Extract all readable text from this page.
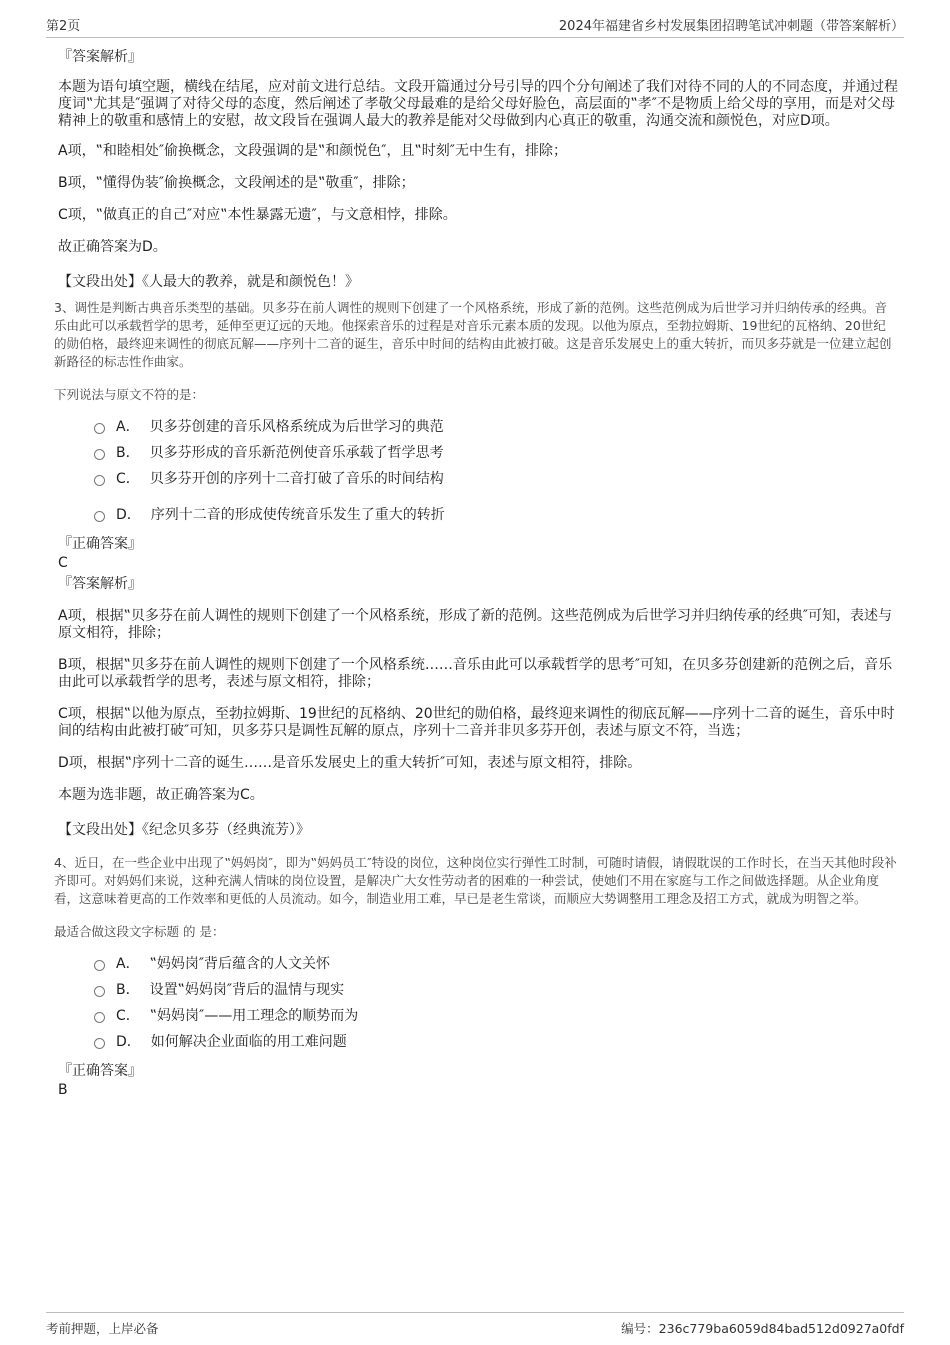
第2页	2024年福建省乡村发展集团招聘笔试冲刺题（带答案解析）
『答案解析』
本题为语句填空题，横线在结尾，应对前文进行总结。文段开篇通过分号引导的四个分句阐述了我们对待不同的人的不同态度，并通过程度词‟尤其是″强调了对待父母的态度，然后阐述了孝敬父母最难的是给父母好脸色，高层面的‟孝″不是物质上给父母的享用，而是对父母精神上的敬重和感情上的安慰，故文段旨在强调人最大的教养是能对父母做到内心真正的敬重，沟通交流和颜悦色，对应D项。
A项，‟和睦相处″偷换概念，文段强调的是‟和颜悦色″，且‟时刻″无中生有，排除；
B项，‟懂得伪装″偷换概念，文段阐述的是‟敬重″，排除；
C项，‟做真正的自己″对应‟本性暴露无遗″，与文意相悖，排除。
故正确答案为D。
【文段出处】《人最大的教养，就是和颜悦色！》
3、调性是判断古典音乐类型的基础。贝多芬在前人调性的规则下创建了一个风格系统，形成了新的范例。这些范例成为后世学习并归纳传承的经典。音乐由此可以承载哲学的思考，延伸至更辽远的天地。他探索音乐的过程是对音乐元素本质的发现。以他为原点，至勃拉姆斯、19世纪的瓦格纳、20世纪的勋伯格，最终迎来调性的彻底瓦解——序列十二音的诞生，音乐中时间的结构由此被打破。这是音乐发展史上的重大转折，而贝多芬就是一位建立起创新路径的标志性作曲家。
下列说法与原文不符的是：
A． 贝多芬创建的音乐风格系统成为后世学习的典范
B． 贝多芬形成的音乐新范例使音乐承载了哲学思考
C． 贝多芬开创的序列十二音打破了音乐的时间结构
D． 序列十二音的形成使传统音乐发生了重大的转折
『正确答案』
C
『答案解析』
A项，根据‟贝多芬在前人调性的规则下创建了一个风格系统，形成了新的范例。这些范例成为后世学习并归纳传承的经典″可知，表述与原文相符，排除；
B项，根据‟贝多芬在前人调性的规则下创建了一个风格系统……音乐由此可以承载哲学的思考″可知，在贝多芬创建新的范例之后，音乐由此可以承载哲学的思考，表述与原文相符，排除；
C项，根据‟以他为原点，至勃拉姆斯、19世纪的瓦格纳、20世纪的勋伯格，最终迎来调性的彻底瓦解——序列十二音的诞生，音乐中时间的结构由此被打破″可知，贝多芬只是调性瓦解的原点，序列十二音并非贝多芬开创，表述与原文不符，当选；
D项，根据‟序列十二音的诞生……是音乐发展史上的重大转折″可知，表述与原文相符，排除。
本题为选非题，故正确答案为C。
【文段出处】《纪念贝多芬（经典流芳）》
4、近日，在一些企业中出现了‟妈妈岗″，即为‟妈妈员工″特设的岗位，这种岗位实行弹性工时制，可随时请假，请假耽误的工作时长，在当天其他时段补齐即可。对妈妈们来说，这种充满人情味的岗位设置，是解决广大女性劳动者的困难的一种尝试，使她们不用在家庭与工作之间做选择题。从企业角度看，这意味着更高的工作效率和更低的人员流动。如今，制造业用工难，早已是老生常谈，而顺应大势调整用工理念及招工方式，就成为明智之举。
最适合做这段文字标题 的 是：
A． ‟妈妈岗″背后蕴含的人文关怀
B． 设置‟妈妈岗″背后的温情与现实
C． ‟妈妈岗″——用工理念的顺势而为
D． 如何解决企业面临的用工难问题
『正确答案』
B
考前押题，上岸必备	编号：236c779ba6059d84bad512d0927a0fdf
